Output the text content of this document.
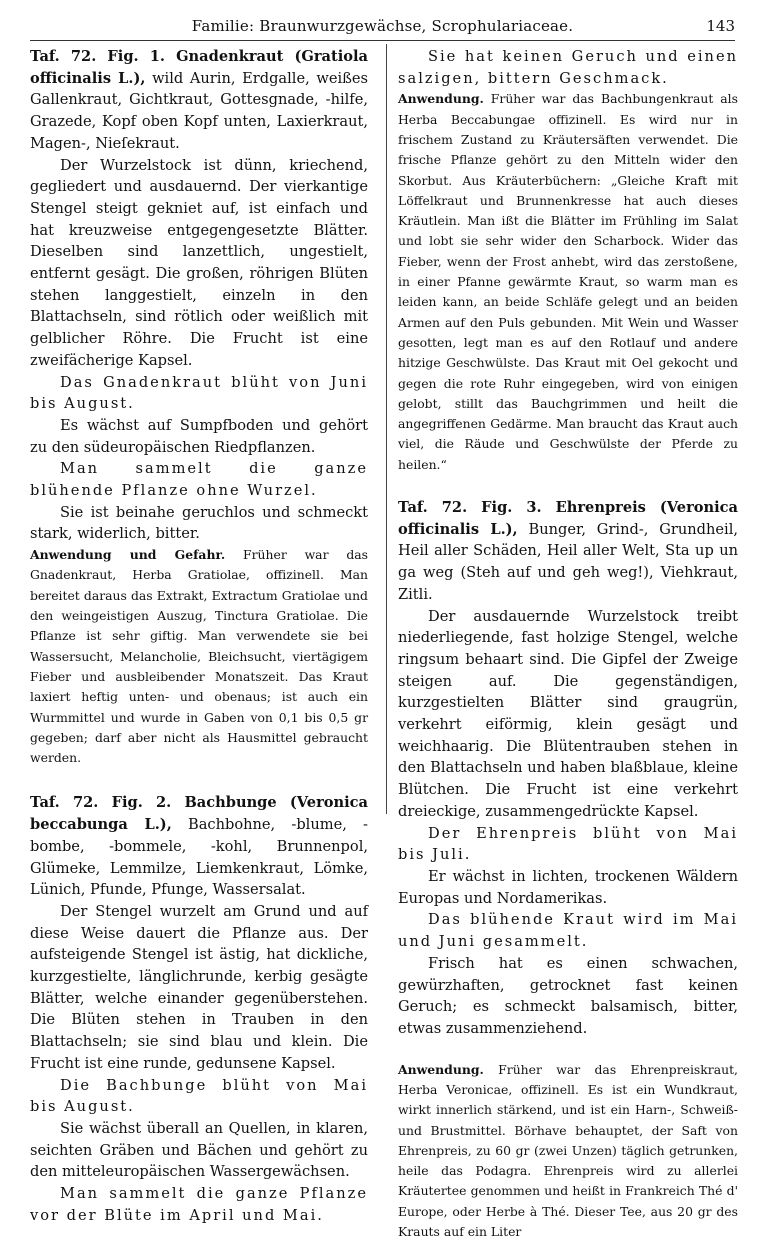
Familie: Braunwurzgewächse, Scrophulariaceae.	143

Taf. 72. Fig. 1. Gnadenkraut (Gratiola officinalis L.), wild Aurin, Erdgalle, weißes Gallenkraut, Gichtkraut, Gottesgnade, -hilfe, Grazede, Kopf oben Kopf unten, Laxierkraut, Magen-, Nieſekraut.

Der Wurzelstock ist dünn, kriechend, gegliedert und ausdauernd. Der vierkantige Stengel steigt gekniet auf, ist einfach und hat kreuzweise entgegengesetzte Blätter. Dieselben sind lanzettlich, ungestielt, entfernt gesägt. Die großen, röhrigen Blüten stehen langgestielt, einzeln in den Blattachseln, sind rötlich oder weißlich mit gelblicher Röhre. Die Frucht ist eine zweifächerige Kapsel.

Das Gnadenkraut blüht von Juni bis August.

Es wächst auf Sumpfboden und gehört zu den südeuropäischen Riedpflanzen.

Man sammelt die ganze blühende Pflanze ohne Wurzel.

Sie ist beinahe geruchlos und schmeckt stark, widerlich, bitter.

Anwendung und Gefahr. Früher war das Gnadenkraut, Herba Gratiolae, offizinell. Man bereitet daraus das Extrakt, Extractum Gratiolae und den weingeistigen Auszug, Tinctura Gratiolae. Die Pflanze ist sehr giftig. Man verwendete sie bei Wassersucht, Melancholie, Bleichsucht, viertägigem Fieber und ausbleibender Monatszeit. Das Kraut laxiert heftig unten- und obenaus; ist auch ein Wurmmittel und wurde in Gaben von 0,1 bis 0,5 gr gegeben; darf aber nicht als Hausmittel gebraucht werden.

Taf. 72. Fig. 2. Bachbunge (Veronica beccabunga L.), Bachbohne, -blume, -bombe, -bommele, -kohl, Brunnenpol, Glümeke, Lemmilze, Liemkenkraut, Lömke, Lünich, Pfunde, Pfunge, Wassersalat.

Der Stengel wurzelt am Grund und auf diese Weise dauert die Pflanze aus. Der aufsteigende Stengel ist ästig, hat dickliche, kurzgestielte, länglichrunde, kerbig gesägte Blätter, welche einander gegenüberstehen. Die Blüten stehen in Trauben in den Blattachseln; sie sind blau und klein. Die Frucht ist eine runde, gedunsene Kapsel.

Die Bachbunge blüht von Mai bis August.

Sie wächst überall an Quellen, in klaren, seichten Gräben und Bächen und gehört zu den mitteleuropäischen Wassergewächsen.

Man sammelt die ganze Pflanze vor der Blüte im April und Mai.

Sie hat keinen Geruch und einen salzigen, bittern Geschmack.

Anwendung. Früher war das Bachbungenkraut als Herba Beccabungae offizinell. Es wird nur in frischem Zustand zu Kräutersäften verwendet. Die frische Pflanze gehört zu den Mitteln wider den Skorbut. Aus Kräuterbüchern: „Gleiche Kraft mit Löffelkraut und Brunnenkresse hat auch dieses Kräutlein. Man ißt die Blätter im Frühling im Salat und lobt sie sehr wider den Scharbock. Wider das Fieber, wenn der Frost anhebt, wird das zerstoßene, in einer Pfanne gewärmte Kraut, so warm man es leiden kann, an beide Schläfe gelegt und an beiden Armen auf den Puls gebunden. Mit Wein und Wasser gesotten, legt man es auf den Rotlauf und andere hitzige Geschwülste. Das Kraut mit Oel gekocht und gegen die rote Ruhr eingegeben, wird von einigen gelobt, stillt das Bauchgrimmen und heilt die angegriffenen Gedärme. Man braucht das Kraut auch viel, die Räude und Geschwülste der Pferde zu heilen.“

Taf. 72. Fig. 3. Ehrenpreis (Veronica officinalis L.), Bunger, Grind-, Grundheil, Heil aller Schäden, Heil aller Welt, Sta up un ga weg (Steh auf und geh weg!), Viehkraut, Zitli.

Der ausdauernde Wurzelstock treibt niederliegende, fast holzige Stengel, welche ringsum behaart sind. Die Gipfel der Zweige steigen auf. Die gegenständigen, kurzgestielten Blätter sind graugrün, verkehrt eiförmig, klein gesägt und weichhaarig. Die Blütentrauben stehen in den Blattachseln und haben blaßblaue, kleine Blütchen. Die Frucht ist eine verkehrt dreieckige, zusammengedrückte Kapsel.

Der Ehrenpreis blüht von Mai bis Juli.

Er wächst in lichten, trockenen Wäldern Europas und Nordamerikas.

Das blühende Kraut wird im Mai und Juni gesammelt.

Frisch hat es einen schwachen, gewürzhaften, getrocknet fast keinen Geruch; es schmeckt balsamisch, bitter, etwas zusammenziehend.

Anwendung. Früher war das Ehrenpreiskraut, Herba Veronicae, offizinell. Es ist ein Wundkraut, wirkt innerlich stärkend, und ist ein Harn-, Schweiß- und Brustmittel. Börhave behauptet, der Saft von Ehrenpreis, zu 60 gr (zwei Unzen) täglich getrunken, heile das Podagra. Ehrenpreis wird zu allerlei Kräutertee genommen und heißt in Frankreich Thé d' Europe, oder Herbe à Thé. Dieser Tee, aus 20 gr des Krauts auf ein Liter
